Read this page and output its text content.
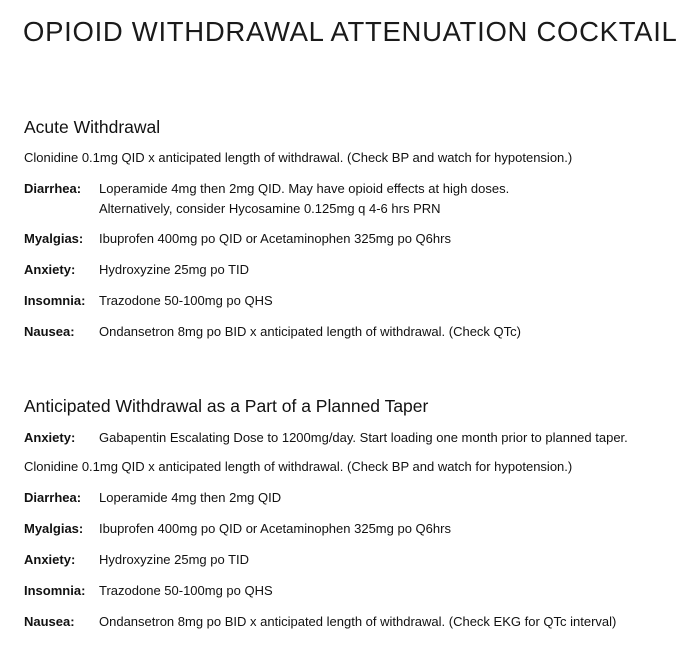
OPIOID WITHDRAWAL ATTENUATION COCKTAIL
Acute Withdrawal
Clonidine 0.1mg QID x anticipated length of withdrawal. (Check BP and watch for hypotension.)
Diarrhea: Loperamide 4mg then 2mg QID. May have opioid effects at high doses.
Alternatively, consider Hycosamine 0.125mg q 4-6 hrs PRN
Myalgias: Ibuprofen 400mg po QID or Acetaminophen 325mg po Q6hrs
Anxiety: Hydroxyzine 25mg po TID
Insomnia: Trazodone 50-100mg po QHS
Nausea: Ondansetron 8mg po BID x anticipated length of withdrawal. (Check QTc)
Anticipated Withdrawal as a Part of a Planned Taper
Anxiety: Gabapentin Escalating Dose to 1200mg/day. Start loading one month prior to planned taper.
Clonidine 0.1mg QID x anticipated length of withdrawal. (Check BP and watch for hypotension.)
Diarrhea: Loperamide 4mg then 2mg QID
Myalgias: Ibuprofen 400mg po QID or Acetaminophen 325mg po Q6hrs
Anxiety: Hydroxyzine 25mg po TID
Insomnia: Trazodone 50-100mg po QHS
Nausea: Ondansetron 8mg po BID x anticipated length of withdrawal. (Check EKG for QTc interval)
